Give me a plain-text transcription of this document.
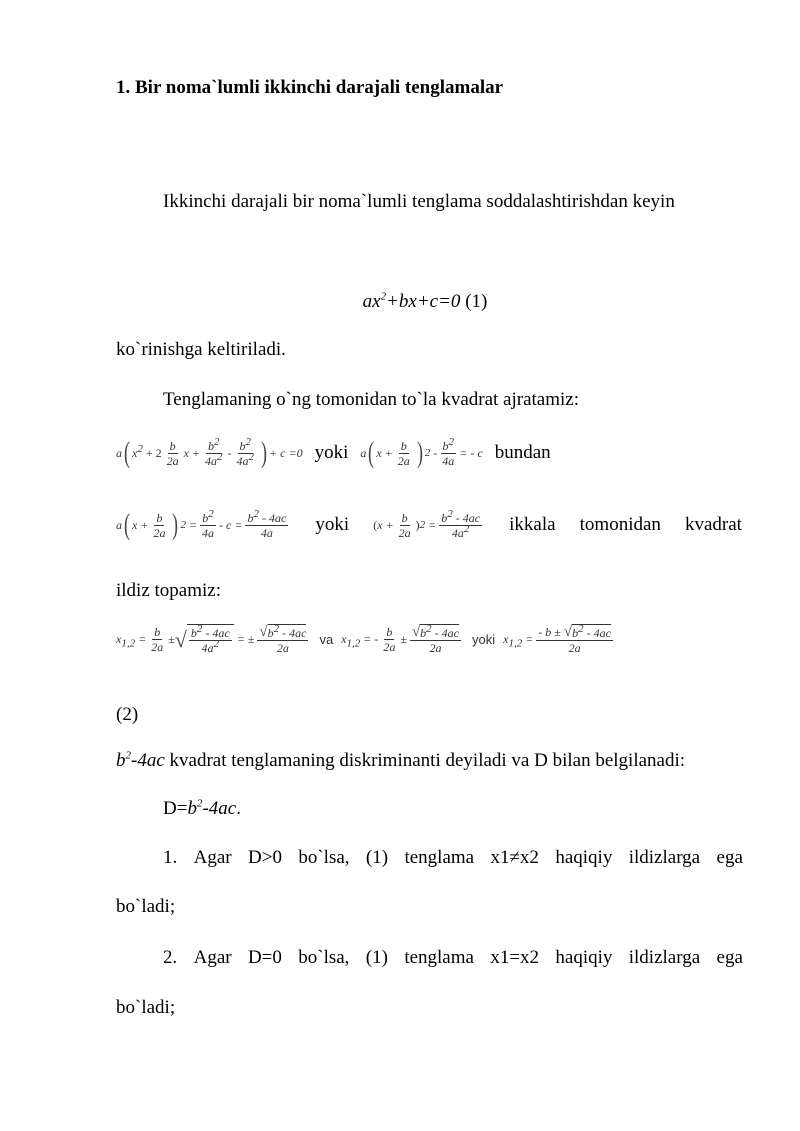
1. Bir noma`lumli ikkinchi darajali tenglamalar
Ikkinchi darajali bir noma`lumli tenglama soddalashtirishdan keyin
$ax^2+bx+c=0$ (1)
ko`rinishga keltiriladi.
Tenglamaning o`ng tomonidan to`la kvadrat ajratamiz:
a ( $x^2 + 2 \frac{b}{2a}$ $x + \frac{b^2}{4a^2} - \frac{b^2}{4a^2}$ ) + c =0 yoki a ( $x + \frac{b}{2a}$ ) $2 - \frac{b^2}{4a}$ = - c bundan
a ( $x + \frac{b}{2a}$ ) $2 = \frac{b^2}{4a} - c = \frac{b^2 - 4ac}{4a}$ yoki ( $x + \frac{b}{2a}$ ) $2 = \frac{b^2 - 4ac}{4a^2}$ ikkala tomonidan kvadrat
ildiz topamiz:
$x_{1,2} = \frac{b}{2a}$ ± √ $\frac{b^2 - 4ac}{4a^2}$ = ± $\frac{√ b^2 - 4ac}{2a}$ va $x_{1,2}$ = - $\frac{b}{2a} \pm \frac{√ b^2 - 4ac}{2a}$ yoki $x_{1,2} = \frac{- b \pm √ b^2 - 4ac}{2a}$
(2)
$b^2-4ac$ kvadrat tenglamaning diskriminanti deyiladi va D bilan belgilanadi:
$D=b^2-4ac$.
1. Agar D>0 bo`lsa, (1) tenglama x1≠x2 haqiqiy ildizlarga ega
bo`ladi;
2. Agar D=0 bo`lsa, (1) tenglama x1=x2 haqiqiy ildizlarga ega
bo`ladi;
